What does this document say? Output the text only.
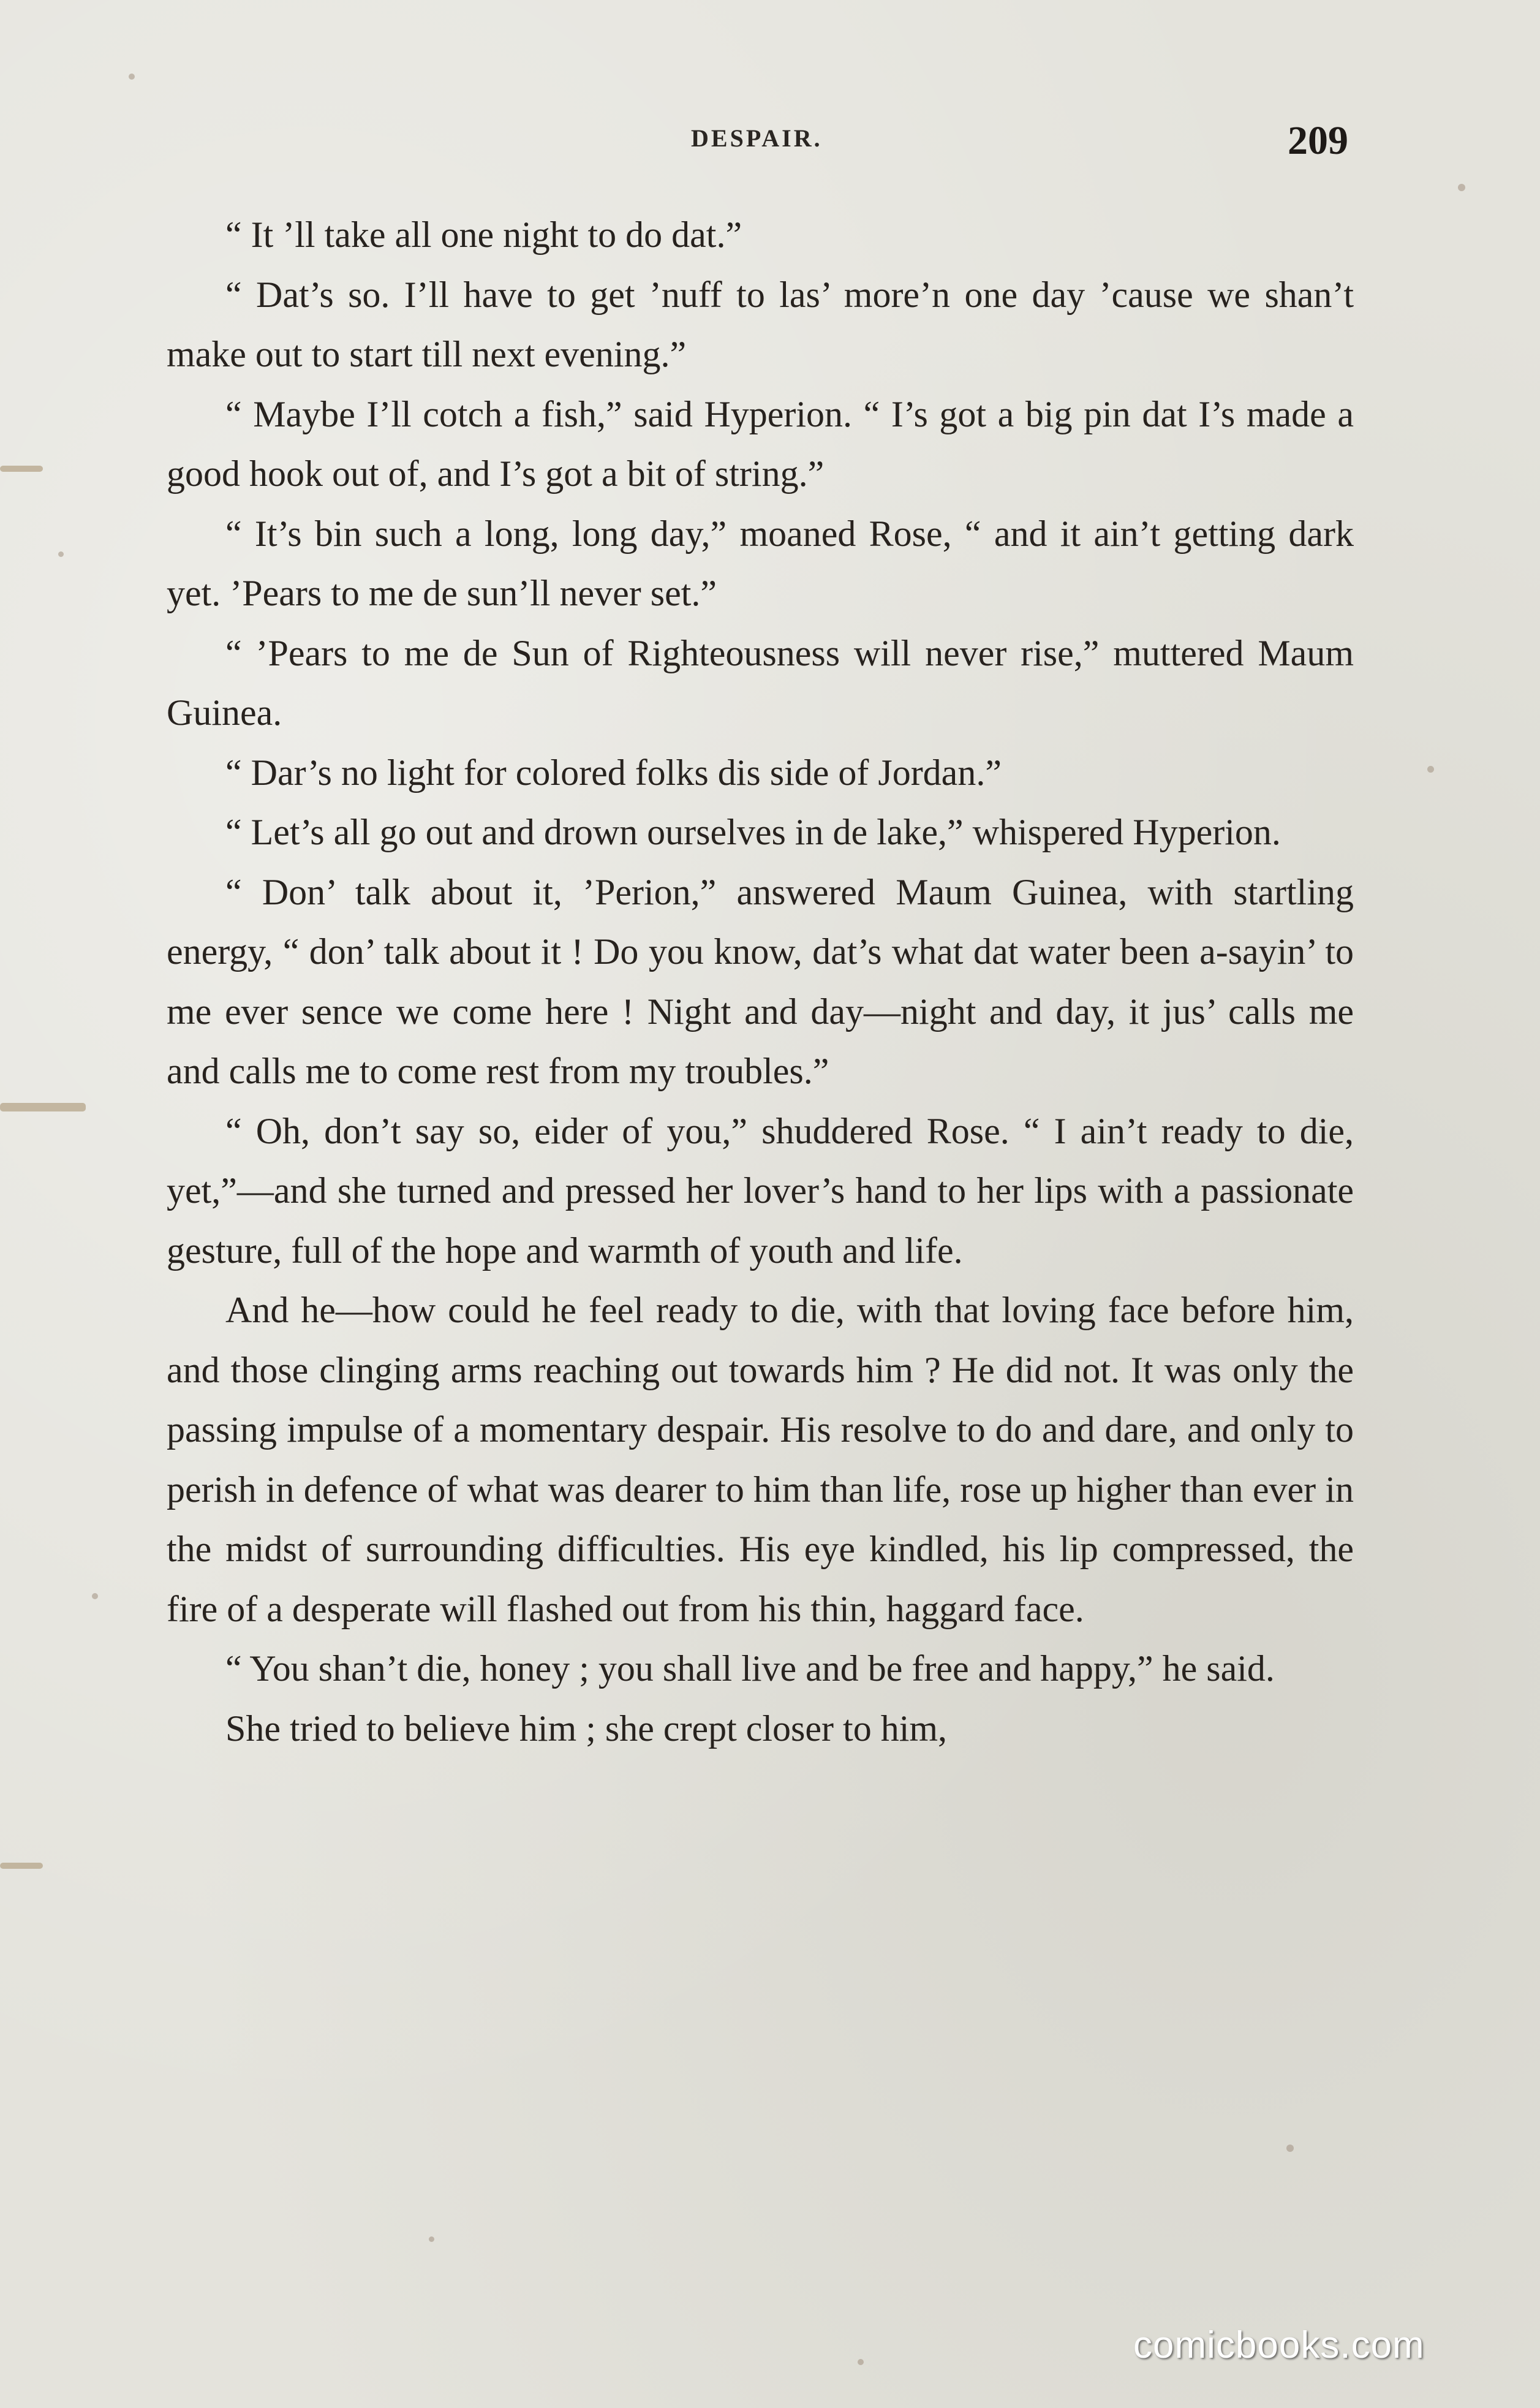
DESPAIR.	209

“ It ’ll take all one night to do dat.”

“ Dat’s so. I’ll have to get ’nuff to las’ more’n one day ’cause we shan’t make out to start till next evening.”

“ Maybe I’ll cotch a fish,” said Hyperion. “ I’s got a big pin dat I’s made a good hook out of, and I’s got a bit of string.”

“ It’s bin such a long, long day,” moaned Rose, “ and it ain’t getting dark yet. ’Pears to me de sun’ll never set.”

“ ’Pears to me de Sun of Righteousness will never rise,” muttered Maum Guinea.

“ Dar’s no light for colored folks dis side of Jordan.”

“ Let’s all go out and drown ourselves in de lake,” whispered Hyperion.

“ Don’ talk about it, ’Perion,” answered Maum Guinea, with startling energy, “ don’ talk about it ! Do you know, dat’s what dat water been a-sayin’ to me ever sence we come here ! Night and day—night and day, it jus’ calls me and calls me to come rest from my troubles.”

“ Oh, don’t say so, eider of you,” shuddered Rose. “ I ain’t ready to die, yet,”—and she turned and pressed her lover’s hand to her lips with a passionate gesture, full of the hope and warmth of youth and life.

And he—how could he feel ready to die, with that loving face before him, and those clinging arms reaching out towards him ? He did not. It was only the passing impulse of a momentary despair. His resolve to do and dare, and only to perish in defence of what was dearer to him than life, rose up higher than ever in the midst of surrounding difficulties. His eye kindled, his lip compressed, the fire of a desperate will flashed out from his thin, haggard face.

“ You shan’t die, honey ; you shall live and be free and happy,” he said.

She tried to believe him ; she crept closer to him,

comicbooks.com
